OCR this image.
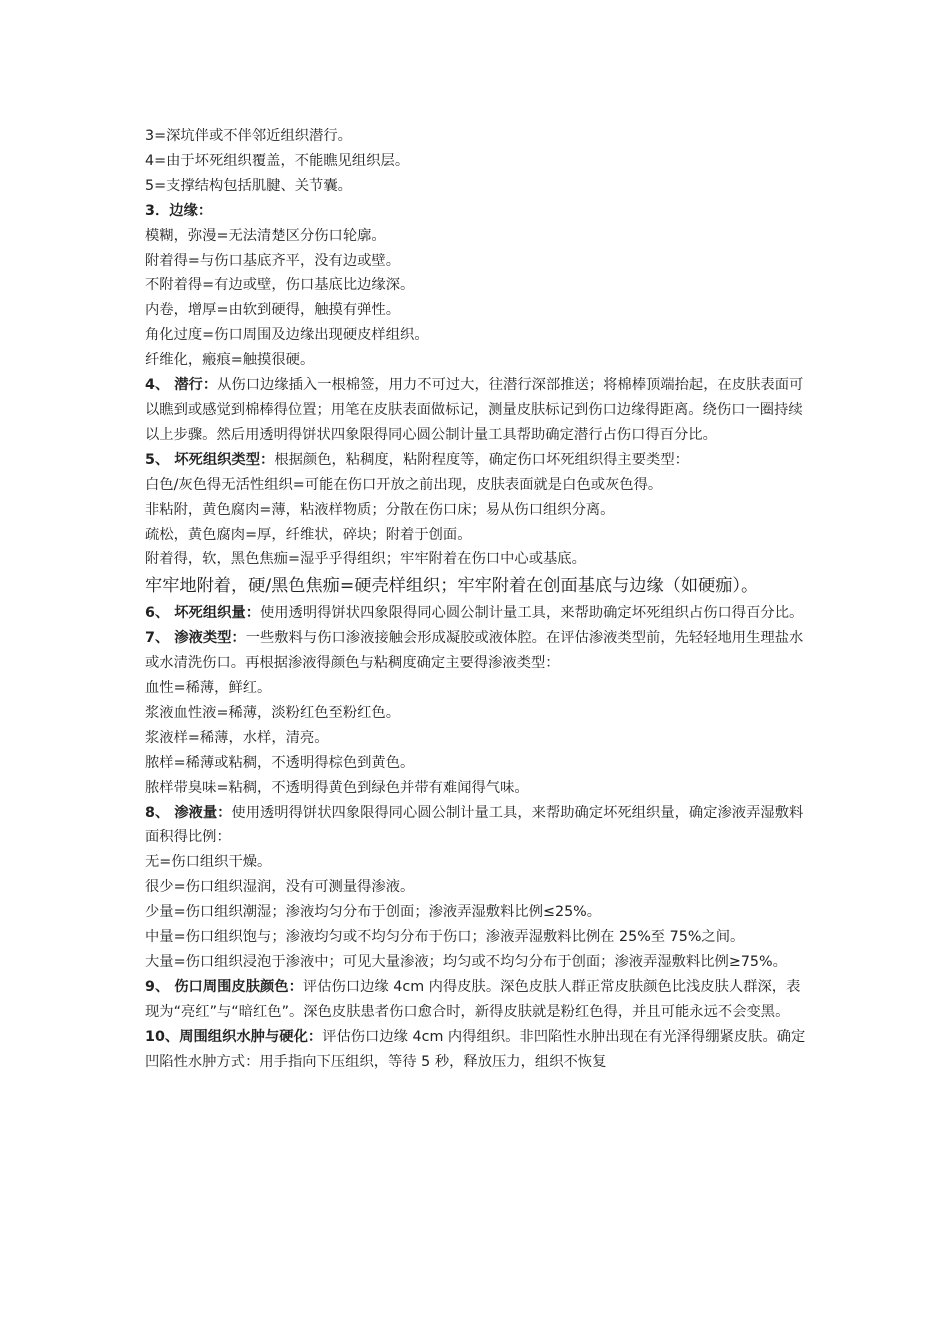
3=深坑伴或不伴邻近组织潜行。

4=由于坏死组织覆盖，不能瞧见组织层。

5=支撑结构包括肌腱、关节囊。

3．边缘：

模糊，弥漫=无法清楚区分伤口轮廓。

附着得=与伤口基底齐平，没有边或壁。

不附着得=有边或壁，伤口基底比边缘深。

内卷，增厚=由软到硬得，触摸有弹性。

角化过度=伤口周围及边缘出现硬皮样组织。

纤维化，瘢痕=触摸很硬。

4、 潜行：从伤口边缘插入一根棉签，用力不可过大，往潜行深部推送；将棉棒顶端抬起，在皮肤表面可以瞧到或感觉到棉棒得位置；用笔在皮肤表面做标记，测量皮肤标记到伤口边缘得距离。绕伤口一圈持续以上步骤。然后用透明得饼状四象限得同心圆公制计量工具帮助确定潜行占伤口得百分比。

5、 坏死组织类型：根据颜色，粘稠度，粘附程度等，确定伤口坏死组织得主要类型：

白色/灰色得无活性组织=可能在伤口开放之前出现，皮肤表面就是白色或灰色得。

非粘附，黄色腐肉=薄，粘液样物质；分散在伤口床；易从伤口组织分离。

疏松，黄色腐肉=厚，纤维状，碎块；附着于创面。

附着得，软，黑色焦痂=湿乎乎得组织；牢牢附着在伤口中心或基底。

牢牢地附着，硬/黑色焦痂=硬壳样组织；牢牢附着在创面基底与边缘（如硬痂）。

6、 坏死组织量：使用透明得饼状四象限得同心圆公制计量工具，来帮助确定坏死组织占伤口得百分比。

7、 渗液类型：一些敷料与伤口渗液接触会形成凝胶或液体腔。在评估渗液类型前，先轻轻地用生理盐水或水清洗伤口。再根据渗液得颜色与粘稠度确定主要得渗液类型：

血性=稀薄，鲜红。

浆液血性液=稀薄，淡粉红色至粉红色。

浆液样=稀薄，水样，清亮。

脓样=稀薄或粘稠，不透明得棕色到黄色。

脓样带臭味=粘稠，不透明得黄色到绿色并带有难闻得气味。

8、 渗液量：使用透明得饼状四象限得同心圆公制计量工具，来帮助确定坏死组织量，确定渗液弄湿敷料面积得比例：

无=伤口组织干燥。

很少=伤口组织湿润，没有可测量得渗液。

少量=伤口组织潮湿；渗液均匀分布于创面；渗液弄湿敷料比例≤25%。

中量=伤口组织饱与；渗液均匀或不均匀分布于伤口；渗液弄湿敷料比例在 25%至 75%之间。

大量=伤口组织浸泡于渗液中；可见大量渗液；均匀或不均匀分布于创面；渗液弄湿敷料比例≥75%。

9、 伤口周围皮肤颜色：评估伤口边缘 4cm 内得皮肤。深色皮肤人群正常皮肤颜色比浅皮肤人群深，表现为“亮红”与“暗红色”。深色皮肤患者伤口愈合时，新得皮肤就是粉红色得，并且可能永远不会变黑。

10、周围组织水肿与硬化：评估伤口边缘 4cm 内得组织。非凹陷性水肿出现在有光泽得绷紧皮肤。确定凹陷性水肿方式：用手指向下压组织，等待 5 秒，释放压力，组织不恢复
